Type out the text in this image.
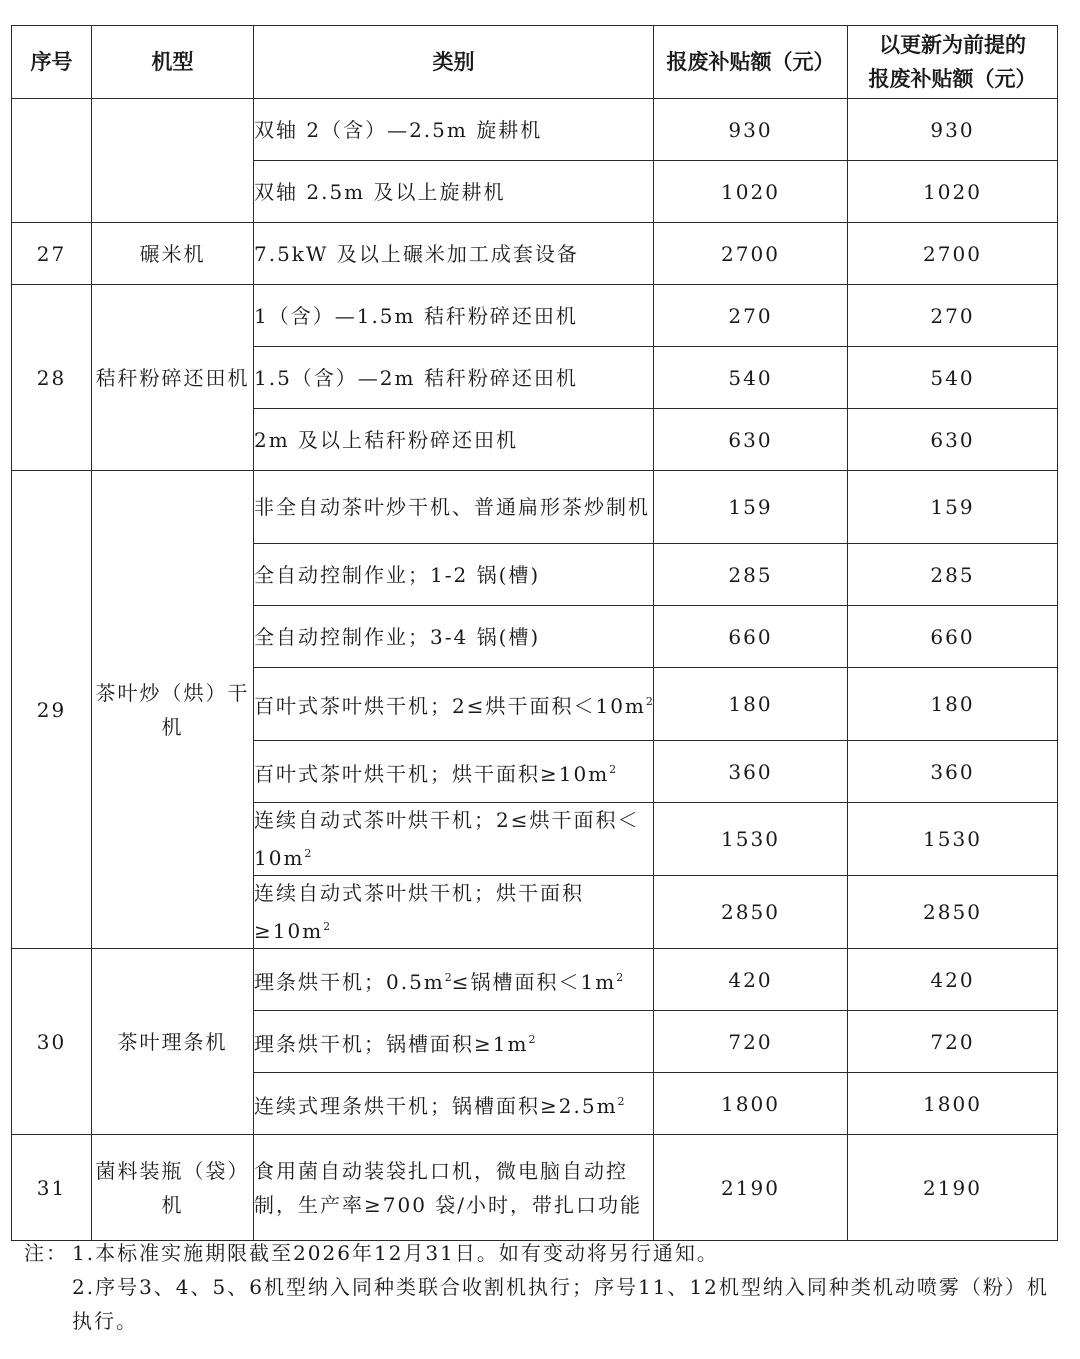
序号	机型	类别	报废补贴额（元）	以更新为前提的
报废补贴额（元）
		双轴 2（含）—2.5m 旋耕机	930	930
		双轴 2.5m 及以上旋耕机	1020	1020
27	碾米机	7.5kW 及以上碾米加工成套设备	2700	2700
28	秸秆粉碎还田机	1（含）—1.5m 秸秆粉碎还田机	270	270
		1.5（含）—2m 秸秆粉碎还田机	540	540
		2m 及以上秸秆粉碎还田机	630	630
29	茶叶炒（烘）干机	非全自动茶叶炒干机、普通扁形茶炒制机	159	159
		全自动控制作业；1-2 锅(槽)	285	285
		全自动控制作业；3-4 锅(槽)	660	660
		百叶式茶叶烘干机；2≤烘干面积$<10m^2$	180	180
		百叶式茶叶烘干机；烘干面积$\ge 10m^2$	360	360
		连续自动式茶叶烘干机；2≤烘干面积$<10m^2$	1530	1530
		连续自动式茶叶烘干机；烘干面积$\ge 10m^2$	2850	2850
30	茶叶理条机	理条烘干机；$0.5m^2\le$锅槽面积$<1m^2$	420	420
		理条烘干机；锅槽面积$\ge 1m^2$	720	720
		连续式理条烘干机；锅槽面积$\ge 2.5m^2$	1800	1800
31	菌料装瓶（袋）机	食用菌自动装袋扎口机，微电脑自动控制，生产率≥700 袋/小时，带扎口功能	2190	2190
注： 1.本标准实施期限截至2026年12月31日。如有变动将另行通知。
2.序号3、4、5、6机型纳入同种类联合收割机执行；序号11、12机型纳入同种类机动喷雾（粉）机执行。
